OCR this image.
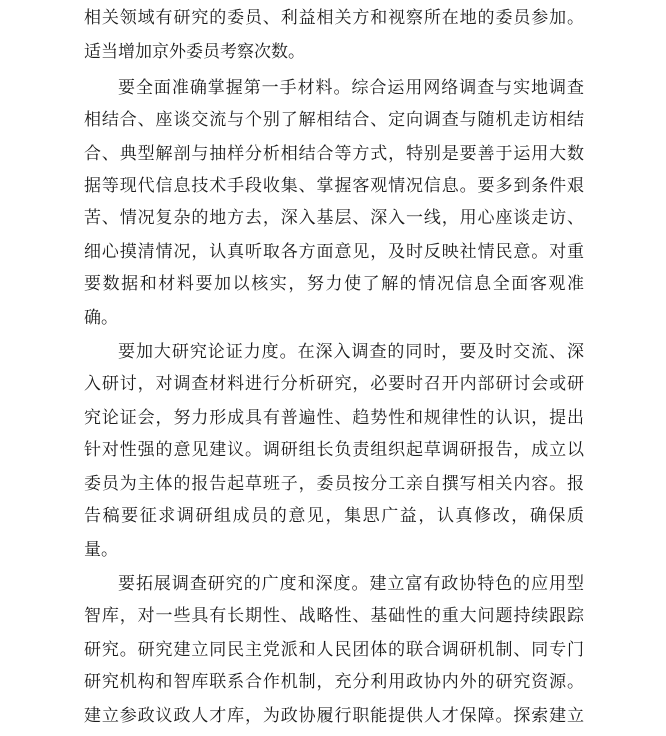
相关领域有研究的委员、利益相关方和视察所在地的委员参加。
适当增加京外委员考察次数。
要全面准确掌握第一手材料。综合运用网络调查与实地调查
相结合、座谈交流与个别了解相结合、定向调查与随机走访相结
合、典型解剖与抽样分析相结合等方式，特别是要善于运用大数
据等现代信息技术手段收集、掌握客观情况信息。要多到条件艰
苦、情况复杂的地方去，深入基层、深入一线，用心座谈走访、
细心摸清情况，认真听取各方面意见，及时反映社情民意。对重
要数据和材料要加以核实，努力使了解的情况信息全面客观准
确。
要加大研究论证力度。在深入调查的同时，要及时交流、深
入研讨，对调查材料进行分析研究，必要时召开内部研讨会或研
究论证会，努力形成具有普遍性、趋势性和规律性的认识，提出
针对性强的意见建议。调研组长负责组织起草调研报告，成立以
委员为主体的报告起草班子，委员按分工亲自撰写相关内容。报
告稿要征求调研组成员的意见，集思广益，认真修改，确保质
量。
要拓展调查研究的广度和深度。建立富有政协特色的应用型
智库，对一些具有长期性、战略性、基础性的重大问题持续跟踪
研究。研究建立同民主党派和人民团体的联合调研机制、同专门
研究机构和智库联系合作机制，充分利用政协内外的研究资源。
建立参政议政人才库，为政协履行职能提供人才保障。探索建立
